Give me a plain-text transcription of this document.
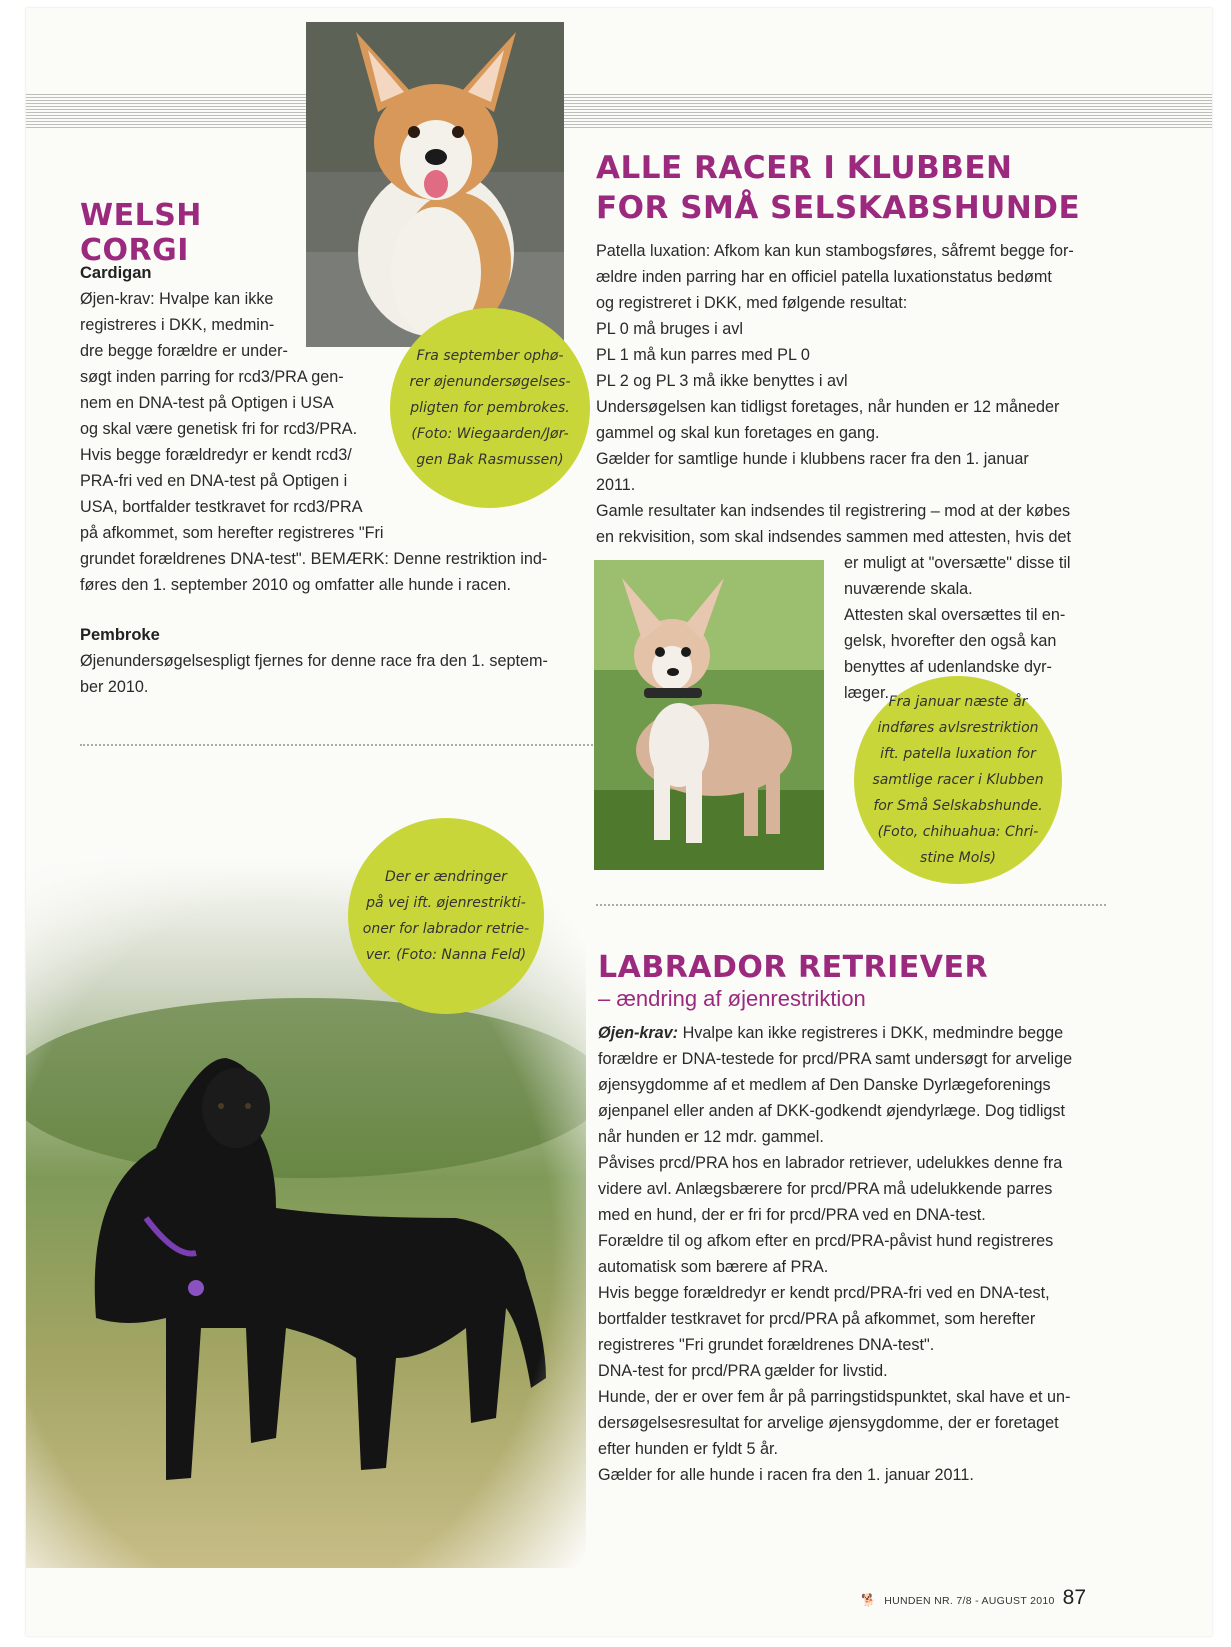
WELSH CORGI

Cardigan

Øjen-krav: Hvalpe kan ikke

registreres i DKK, medmin-

dre begge forældre er under-

søgt inden parring for rcd3/PRA gen-

nem en DNA-test på Optigen i USA

og skal være genetisk fri for rcd3/PRA.

Hvis begge forældredyr er kendt rcd3/

PRA-fri ved en DNA-test på Optigen i

USA, bortfalder testkravet for rcd3/PRA

på afkommet, som herefter registreres "Fri

grundet forældrenes DNA-test". BEMÆRK: Denne restriktion ind-

føres den 1. september 2010 og omfatter alle hunde i racen.

Pembroke

Øjenundersøgelsespligt fjernes for denne race fra den 1. septem-

ber 2010.

Fra september ophø-
rer øjenundersøgelses-
pligten for pembrokes.
(Foto: Wiegaarden/Jør-
gen Bak Rasmussen)
ALLE RACER I KLUBBEN
FOR SMÅ SELSKABSHUNDE

Patella luxation: Afkom kan kun stambogsføres, såfremt begge for-

ældre inden parring har en officiel patella luxationstatus bedømt

og registreret i DKK, med følgende resultat:

PL 0 må bruges i avl

PL 1 må kun parres med PL 0

PL 2 og PL 3 må ikke benyttes i avl

Undersøgelsen kan tidligst foretages, når hunden er 12 måneder

gammel og skal kun foretages en gang.

Gælder for samtlige hunde i klubbens racer fra den 1. januar

2011.

Gamle resultater kan indsendes til registrering – mod at der købes

en rekvisition, som skal indsendes sammen med attesten, hvis det

er muligt at "oversætte" disse til

nuværende skala.

Attesten skal oversættes til en-

gelsk, hvorefter den også kan

benyttes af udenlandske dyr-

læger. Fra januar næste år
indføres avlsrestriktion
ift. patella luxation for
samtlige racer i Klubben
for Små Selskabshunde.
(Foto, chihuahua: Chri-
stine Mols)
Der er ændringer
på vej ift. øjenrestrikti-
oner for labrador retrie-
ver. (Foto: Nanna Feld) LABRADOR RETRIEVER

– ændring af øjenrestriktion

Øjen-krav: Hvalpe kan ikke registreres i DKK, medmindre begge

forældre er DNA-testede for prcd/PRA samt undersøgt for arvelige

øjensygdomme af et medlem af Den Danske Dyrlægeforenings

øjenpanel eller anden af DKK-godkendt øjendyrlæge. Dog tidligst

når hunden er 12 mdr. gammel.

Påvises prcd/PRA hos en labrador retriever, udelukkes denne fra

videre avl. Anlægsbærere for prcd/PRA må udelukkende parres

med en hund, der er fri for prcd/PRA ved en DNA-test.

Forældre til og afkom efter en prcd/PRA-påvist hund registreres

automatisk som bærere af PRA.

Hvis begge forældredyr er kendt prcd/PRA-fri ved en DNA-test,

bortfalder testkravet for prcd/PRA på afkommet, som herefter

registreres "Fri grundet forældrenes DNA-test".

DNA-test for prcd/PRA gælder for livstid.

Hunde, der er over fem år på parringstidspunktet, skal have et un-

dersøgelsesresultat for arvelige øjensygdomme, der er foretaget

efter hunden er fyldt 5 år.

Gælder for alle hunde i racen fra den 1. januar 2011.

🐕 HUNDEN NR. 7/8 - AUGUST 2010 87
